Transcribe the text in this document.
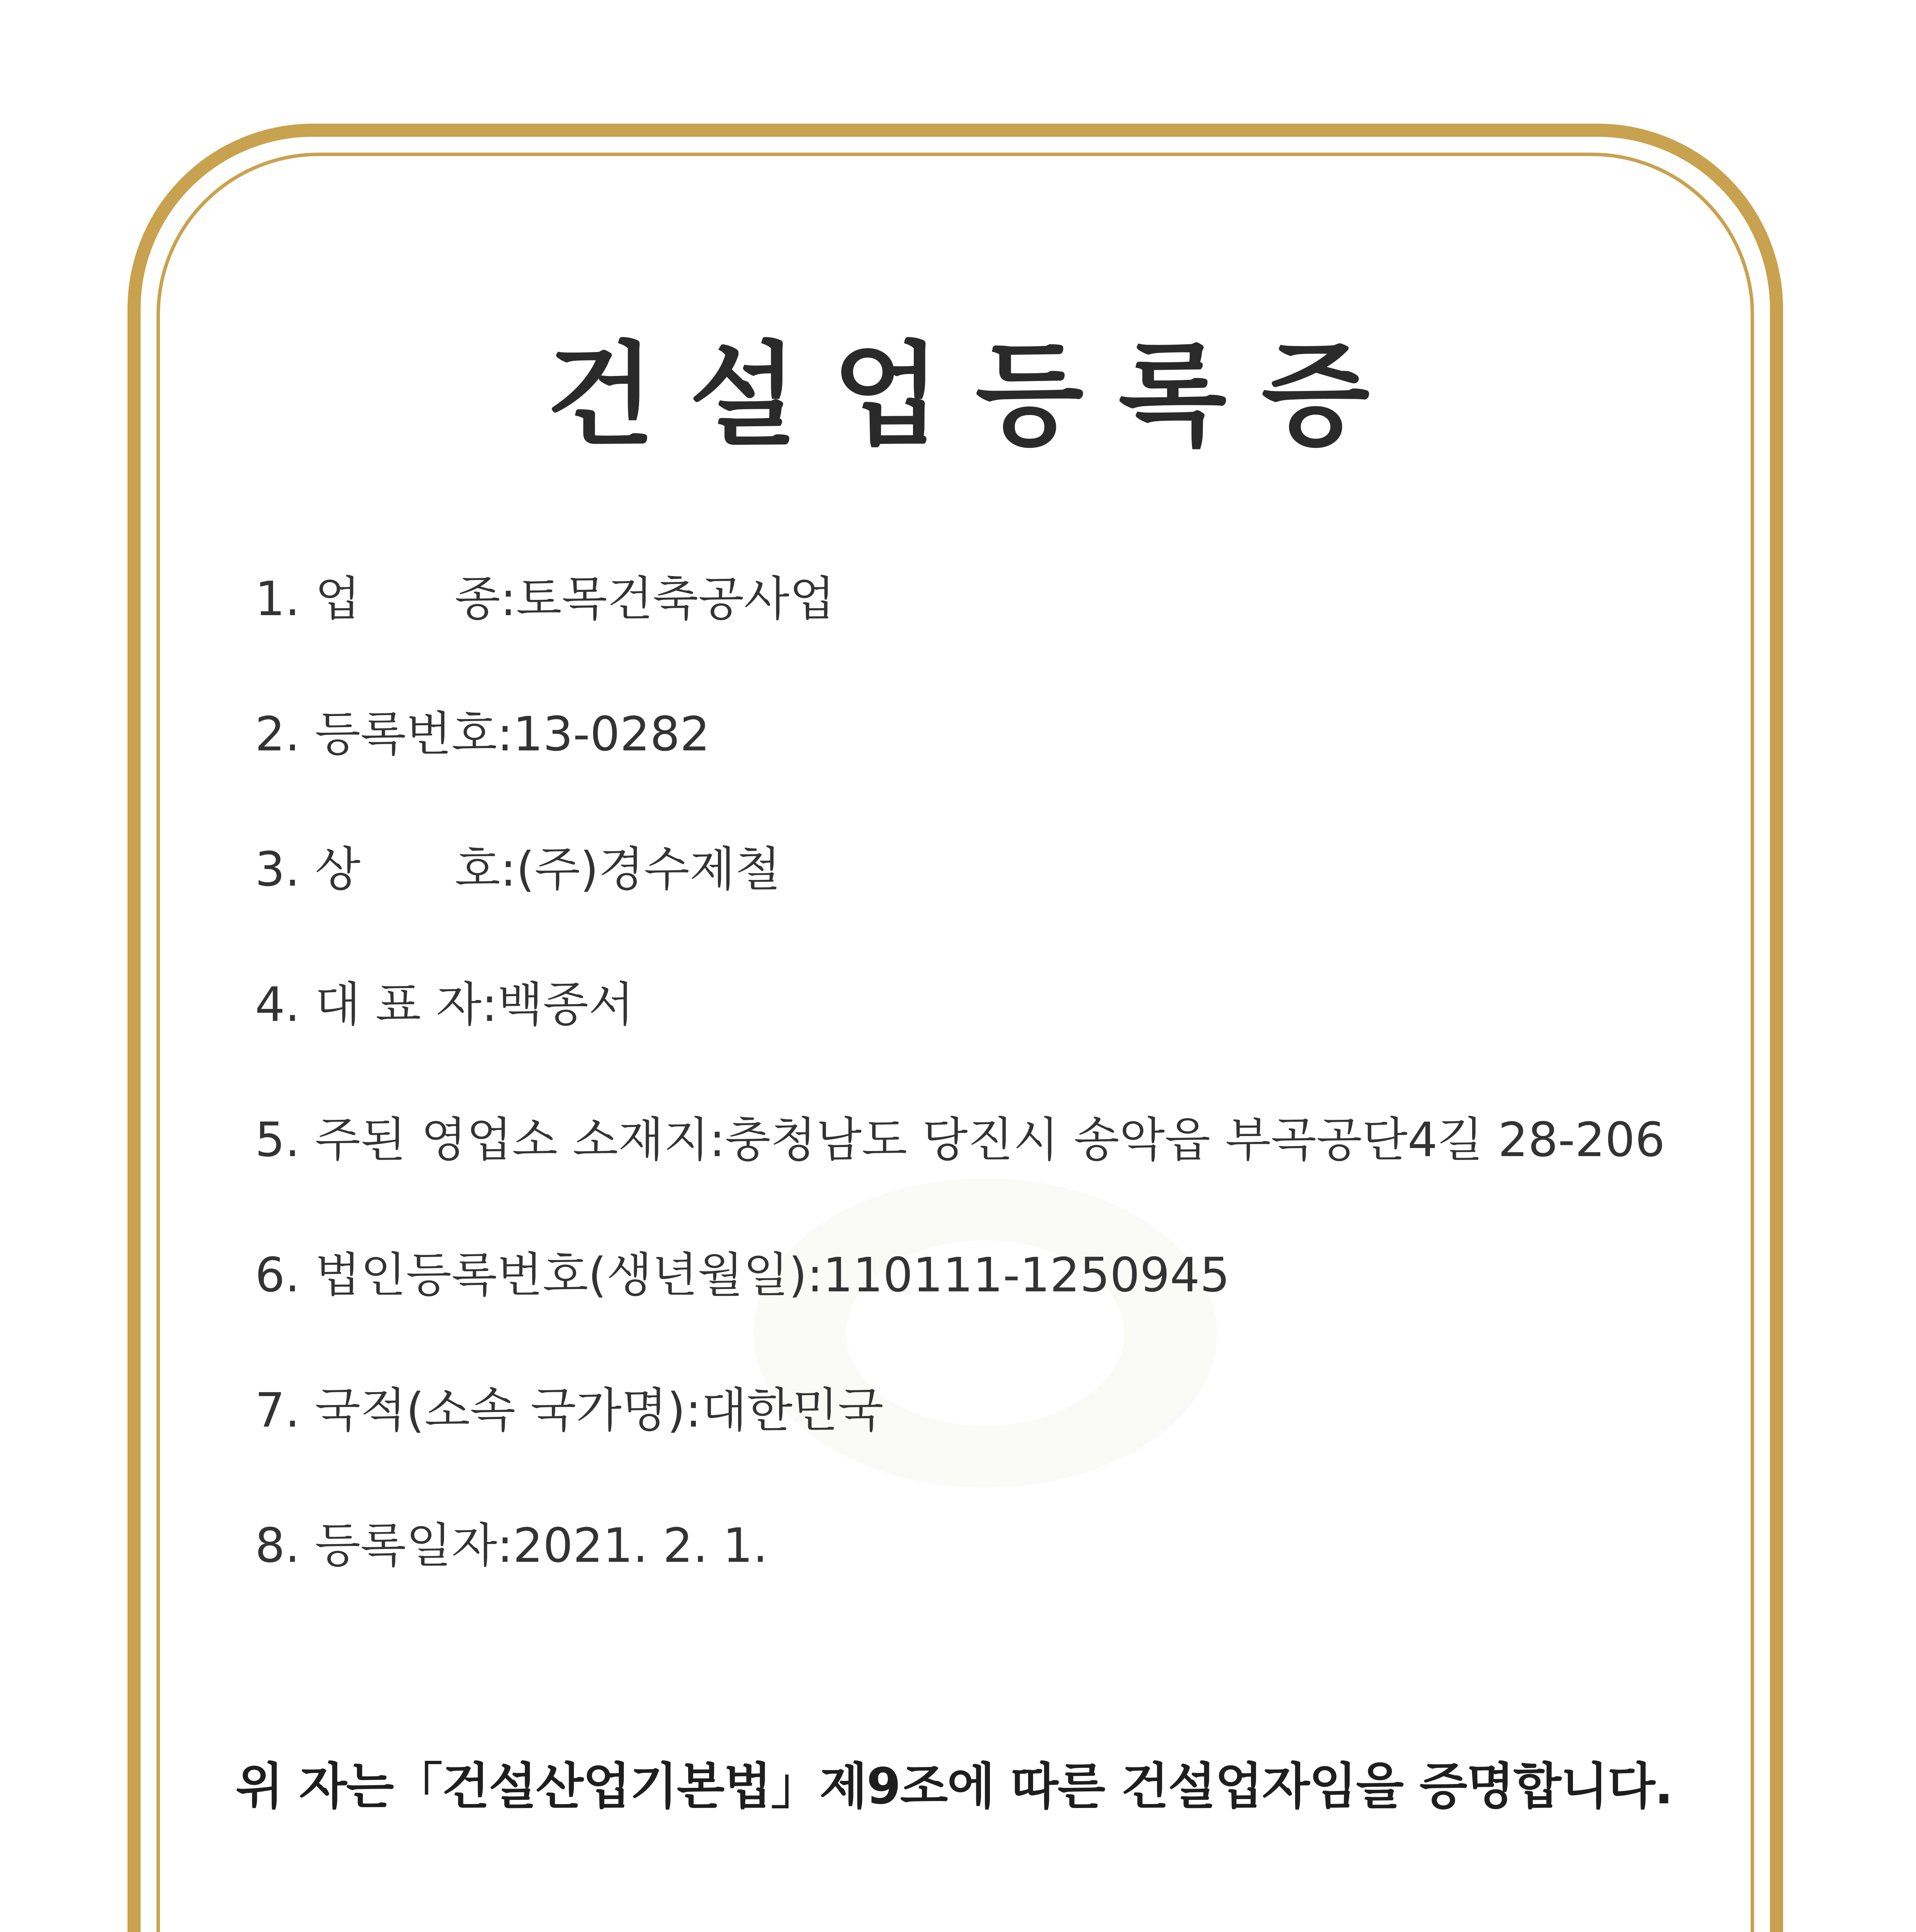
건설업등록증
1. 업　　종:토목건축공사업
2. 등록번호:13-0282
3. 상　　호:(주)경수제철
4. 대 표 자:백종서
5. 주된 영업소 소재지:충청남도 당진시 송악읍 부곡공단4길 28-206
6. 법인등록번호(생년월일):110111-1250945
7. 국적(소속 국가명):대한민국
8. 등록일자:2021. 2. 1.
위 자는「건설산업기본법」제9조에 따른 건설업자임을 증명합니다.
